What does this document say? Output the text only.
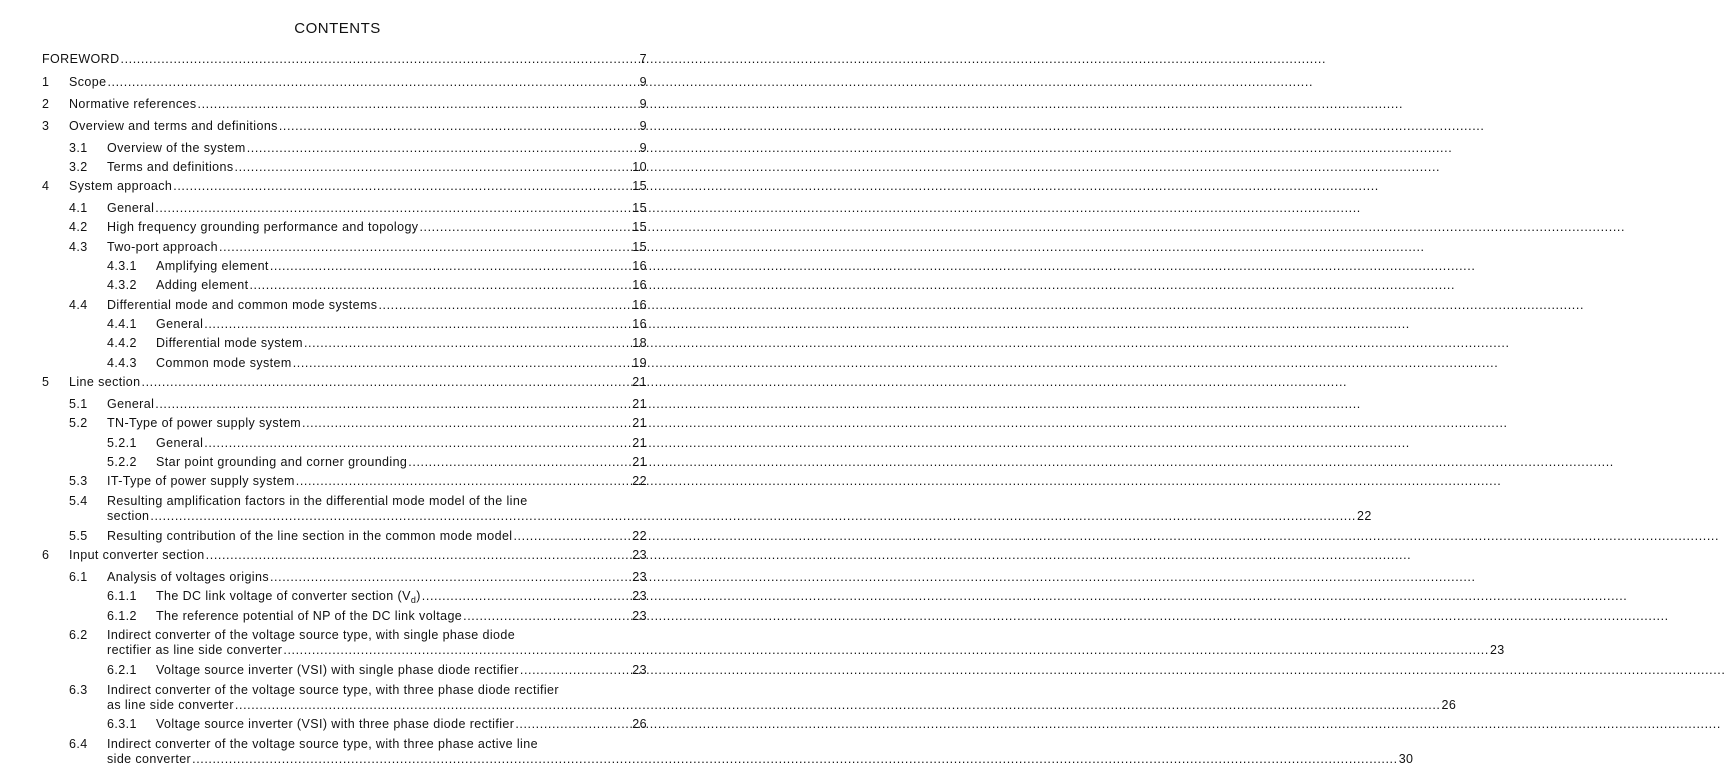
CONTENTS
FOREWORD .....	7
1	Scope .....	9
2	Normative references .....	9
3	Overview and terms and definitions .....	9
3.1	Overview of the system .....	9
3.2	Terms and definitions .....	10
4	System approach .....	15
4.1	General .....	15
4.2	High frequency grounding performance and topology .....	15
4.3	Two-port approach .....	15
4.3.1	Amplifying element .....	16
4.3.2	Adding element .....	16
4.4	Differential mode and common mode systems .....	16
4.4.1	General .....	16
4.4.2	Differential mode system .....	18
4.4.3	Common mode system .....	19
5	Line section .....	21
5.1	General .....	21
5.2	TN-Type of power supply system .....	21
5.2.1	General .....	21
5.2.2	Star point grounding and corner grounding .....	21
5.3	IT-Type of power supply system .....	22
5.4	Resulting amplification factors in the differential mode model of the line
section .....	22
5.5	Resulting contribution of the line section in the common mode model .....	22
6	Input converter section .....	23
6.1	Analysis of voltages origins .....	23
6.1.1	The DC link voltage of converter section $(V_d)$ .....	23
6.1.2	The reference potential of NP of the DC link voltage .....	23
6.2	Indirect converter of the voltage source type, with single phase diode
rectifier as line side converter .....	23
6.2.1	Voltage source inverter (VSI) with single phase diode rectifier .....	23
6.3	Indirect converter of the voltage source type, with three phase diode rectifier
as line side converter .....	26
6.3.1	Voltage source inverter (VSI) with three phase diode rectifier .....	26
6.4	Indirect converter of the voltage source type, with three phase active line
side converter .....	30
